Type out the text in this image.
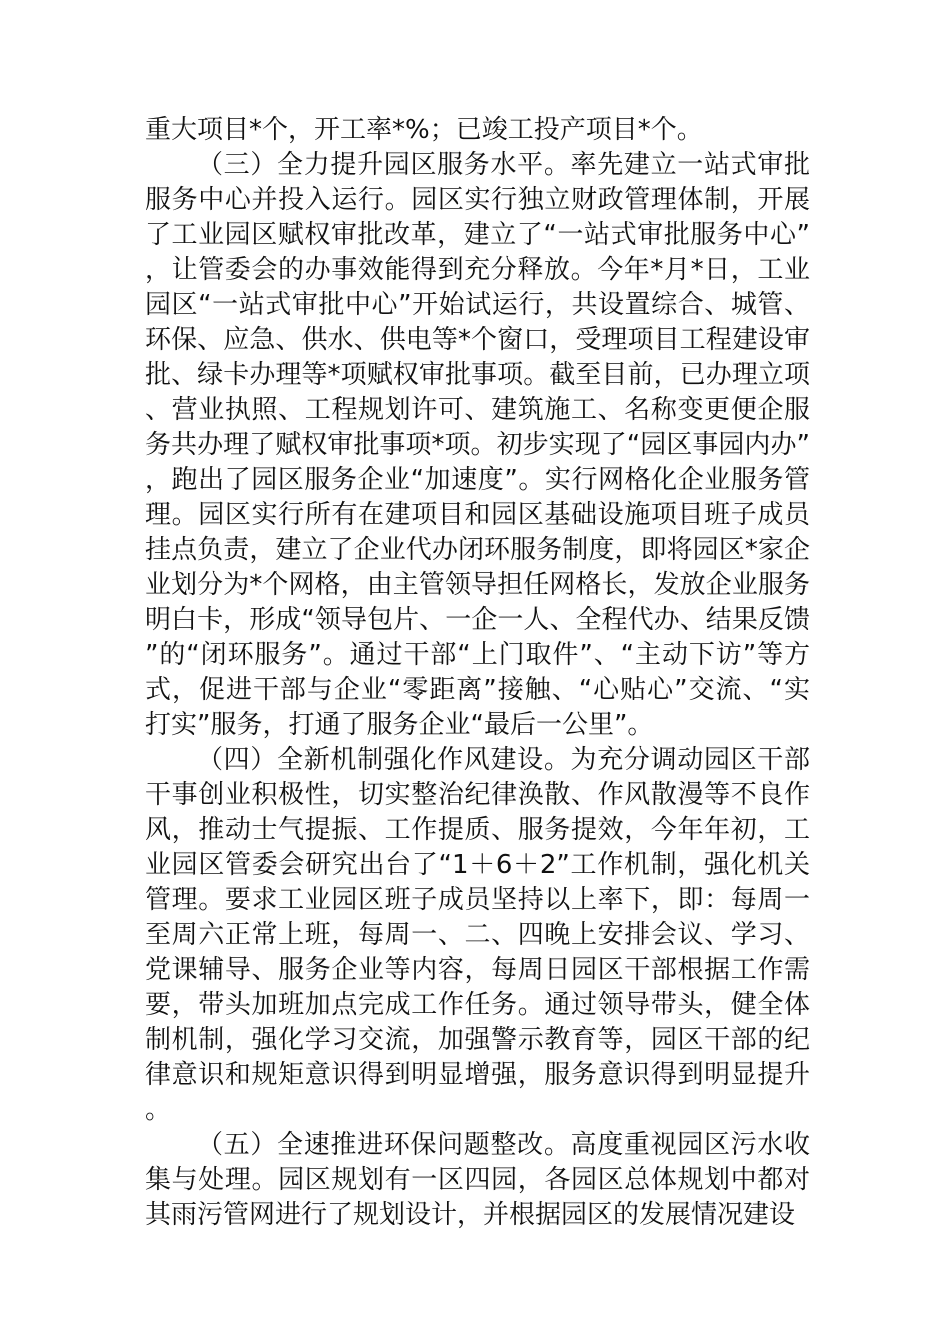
重大项目*个，开工率*%；已竣工投产项目*个。

（三）全力提升园区服务水平。率先建立一站式审批服务中心并投入运行。园区实行独立财政管理体制，开展了工业园区赋权审批改革，建立了“一站式审批服务中心”，让管委会的办事效能得到充分释放。今年*月*日，工业园区“一站式审批中心”开始试运行，共设置综合、城管、环保、应急、供水、供电等*个窗口，受理项目工程建设审批、绿卡办理等*项赋权审批事项。截至目前，已办理立项、营业执照、工程规划许可、建筑施工、名称变更便企服务共办理了赋权审批事项*项。初步实现了“园区事园内办”，跑出了园区服务企业“加速度”。实行网格化企业服务管理。园区实行所有在建项目和园区基础设施项目班子成员挂点负责，建立了企业代办闭环服务制度，即将园区*家企业划分为*个网格，由主管领导担任网格长，发放企业服务明白卡，形成“领导包片、一企一人、全程代办、结果反馈”的“闭环服务”。通过干部“上门取件”、“主动下访”等方式，促进干部与企业“零距离”接触、“心贴心”交流、“实打实”服务，打通了服务企业“最后一公里”。

（四）全新机制强化作风建设。为充分调动园区干部干事创业积极性，切实整治纪律涣散、作风散漫等不良作风，推动士气提振、工作提质、服务提效，今年年初，工业园区管委会研究出台了“1＋6＋2”工作机制，强化机关管理。要求工业园区班子成员坚持以上率下，即：每周一至周六正常上班，每周一、二、四晚上安排会议、学习、党课辅导、服务企业等内容，每周日园区干部根据工作需要，带头加班加点完成工作任务。通过领导带头，健全体制机制，强化学习交流，加强警示教育等，园区干部的纪律意识和规矩意识得到明显增强，服务意识得到明显提升。

（五）全速推进环保问题整改。高度重视园区污水收集与处理。园区规划有一区四园，各园区总体规划中都对其雨污管网进行了规划设计，并根据园区的发展情况建设
